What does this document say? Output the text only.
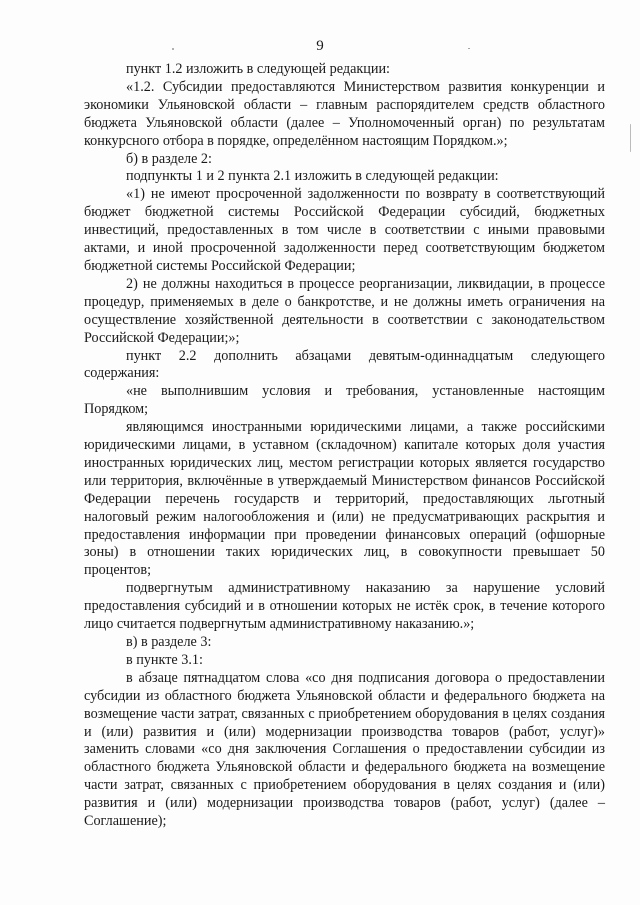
9

пункт 1.2 изложить в следующей редакции:

«1.2. Субсидии предоставляются Министерством развития конкуренции и экономики Ульяновской области – главным распорядителем средств областного бюджета Ульяновской области (далее – Уполномоченный орган) по результатам конкурсного отбора в порядке, определённом настоящим Порядком.»;

б) в разделе 2:

подпункты 1 и 2 пункта 2.1 изложить в следующей редакции:

«1) не имеют просроченной задолженности по возврату в соответствующий бюджет бюджетной системы Российской Федерации субсидий, бюджетных инвестиций, предоставленных в том числе в соответствии с иными правовыми актами, и иной просроченной задолженности перед соответствующим бюджетом бюджетной системы Российской Федерации;

2) не должны находиться в процессе реорганизации, ликвидации, в процессе процедур, применяемых в деле о банкротстве, и не должны иметь ограничения на осуществление хозяйственной деятельности в соответствии с законодательством Российской Федерации;»;

пункт 2.2 дополнить абзацами девятым-одиннадцатым следующего содержания:

«не выполнившим условия и требования, установленные настоящим Порядком;

являющимся иностранными юридическими лицами, а также российскими юридическими лицами, в уставном (складочном) капитале которых доля участия иностранных юридических лиц, местом регистрации которых является государство или территория, включённые в утверждаемый Министерством финансов Российской Федерации перечень государств и территорий, предоставляющих льготный налоговый режим налогообложения и (или) не предусматривающих раскрытия и предоставления информации при проведении финансовых операций (офшорные зоны) в отношении таких юридических лиц, в совокупности превышает 50 процентов;

подвергнутым административному наказанию за нарушение условий предоставления субсидий и в отношении которых не истёк срок, в течение которого лицо считается подвергнутым административному наказанию.»;

в) в разделе 3:

в пункте 3.1:

в абзаце пятнадцатом слова «со дня подписания договора о предоставлении субсидии из областного бюджета Ульяновской области и федерального бюджета на возмещение части затрат, связанных с приобретением оборудования в целях создания и (или) развития и (или) модернизации производства товаров (работ, услуг)» заменить словами «со дня заключения Соглашения о предоставлении субсидии из областного бюджета Ульяновской области и федерального бюджета на возмещение части затрат, связанных с приобретением оборудования в целях создания и (или) развития и (или) модернизации производства товаров (работ, услуг) (далее – Соглашение);
